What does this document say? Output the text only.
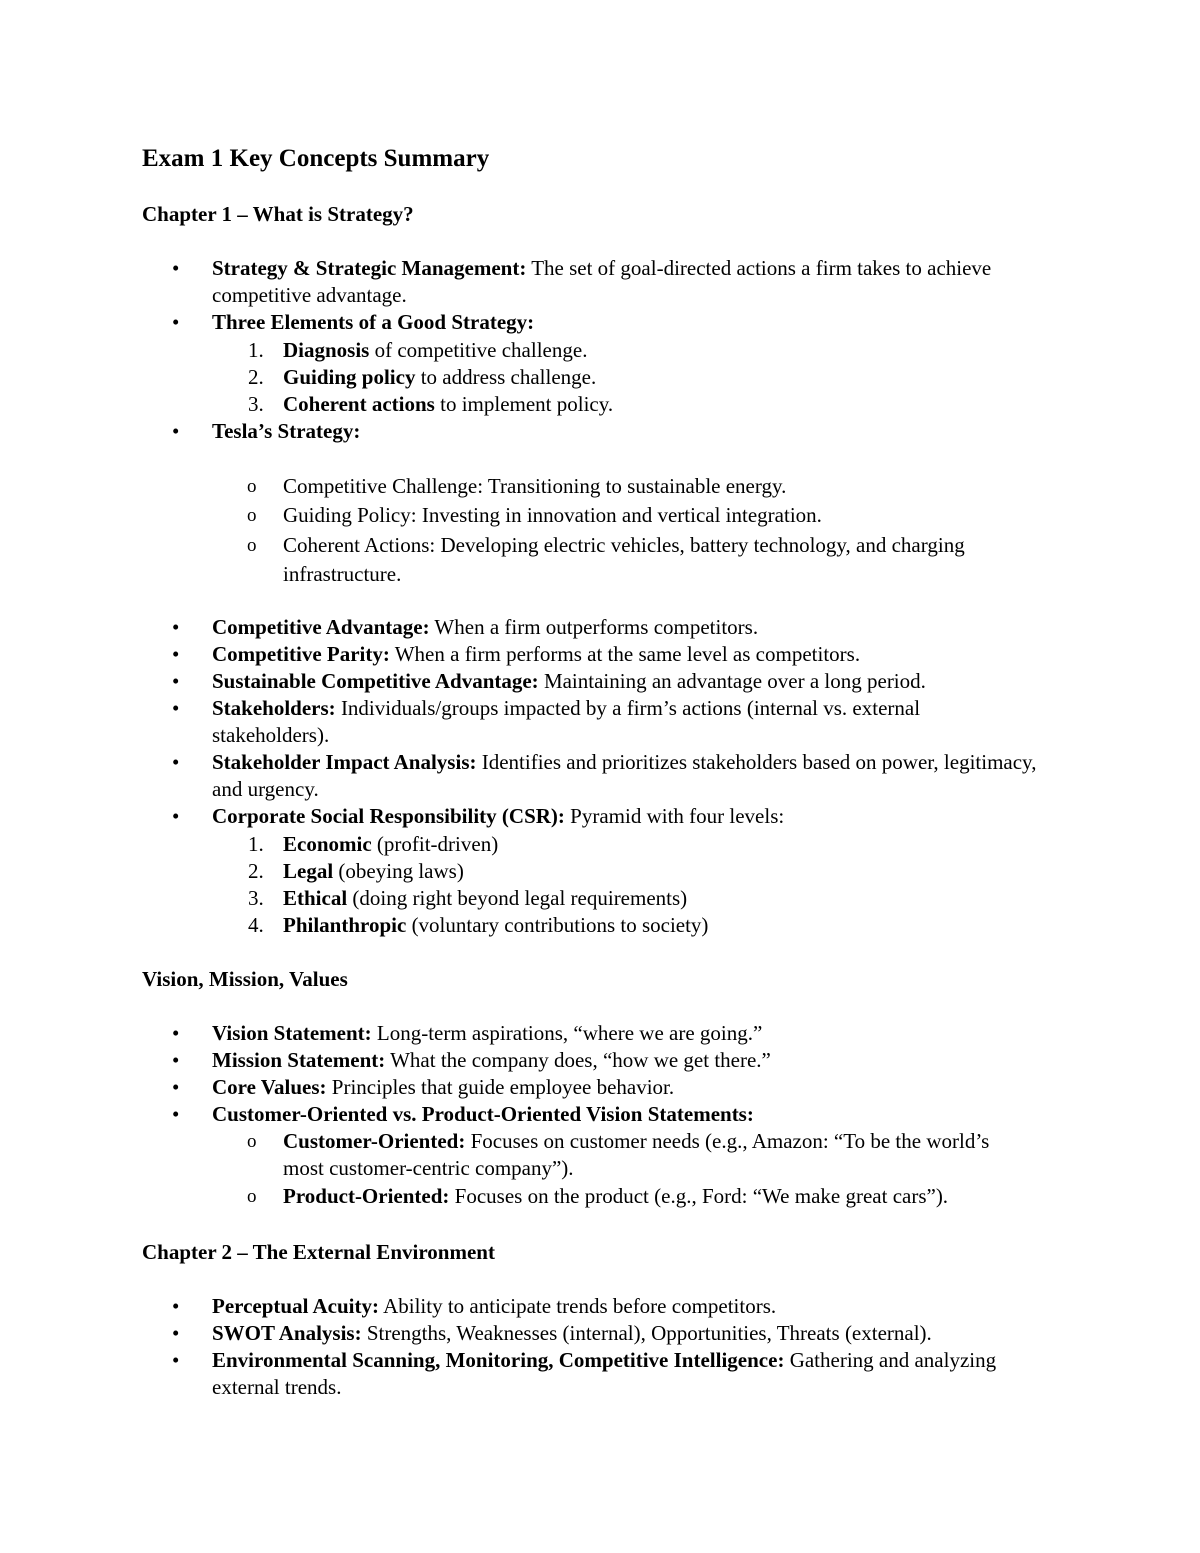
Exam 1 Key Concepts Summary

Chapter 1 – What is Strategy?

• Strategy & Strategic Management: The set of goal-directed actions a firm takes to achieve competitive advantage.

• Three Elements of a Good Strategy:

1. Diagnosis of competitive challenge.

2. Guiding policy to address challenge.

3. Coherent actions to implement policy.

• Tesla’s Strategy:

o Competitive Challenge: Transitioning to sustainable energy.

o Guiding Policy: Investing in innovation and vertical integration.

o Coherent Actions: Developing electric vehicles, battery technology, and charging infrastructure.

• Competitive Advantage: When a firm outperforms competitors.

• Competitive Parity: When a firm performs at the same level as competitors.

• Sustainable Competitive Advantage: Maintaining an advantage over a long period.

• Stakeholders: Individuals/groups impacted by a firm’s actions (internal vs. external stakeholders).

• Stakeholder Impact Analysis: Identifies and prioritizes stakeholders based on power, legitimacy, and urgency.

• Corporate Social Responsibility (CSR): Pyramid with four levels:

1. Economic (profit-driven)

2. Legal (obeying laws)

3. Ethical (doing right beyond legal requirements)

4. Philanthropic (voluntary contributions to society)

Vision, Mission, Values

• Vision Statement: Long-term aspirations, “where we are going.”

• Mission Statement: What the company does, “how we get there.”

• Core Values: Principles that guide employee behavior.

• Customer-Oriented vs. Product-Oriented Vision Statements:

o Customer-Oriented: Focuses on customer needs (e.g., Amazon: “To be the world’s most customer-centric company”).

o Product-Oriented: Focuses on the product (e.g., Ford: “We make great cars”).

Chapter 2 – The External Environment

• Perceptual Acuity: Ability to anticipate trends before competitors.

• SWOT Analysis: Strengths, Weaknesses (internal), Opportunities, Threats (external).

• Environmental Scanning, Monitoring, Competitive Intelligence: Gathering and analyzing external trends.
